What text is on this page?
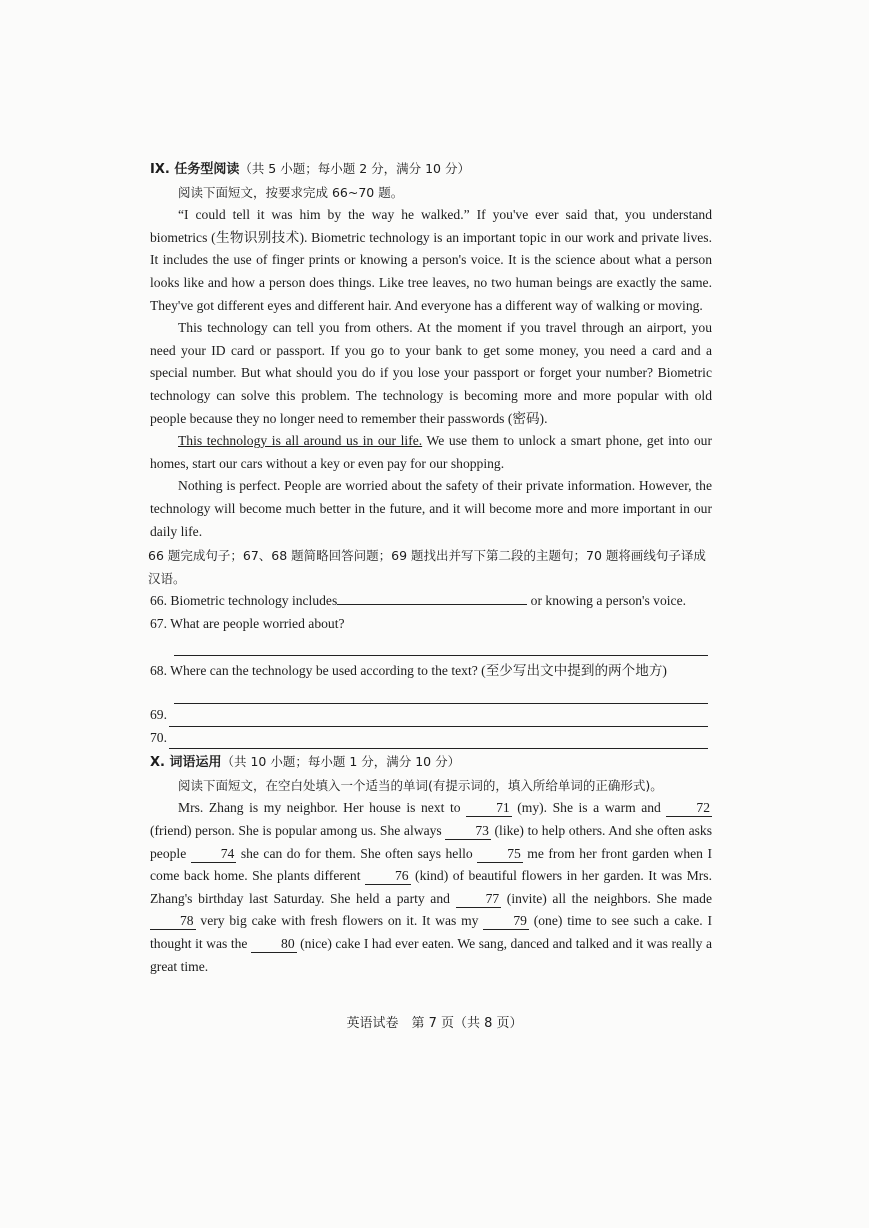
IX. 任务型阅读（共 5 小题；每小题 2 分，满分 10 分）
阅读下面短文，按要求完成 66~70 题。

“I could tell it was him by the way he walked.” If you've ever said that, you understand biometrics (生物识别技术). Biometric technology is an important topic in our work and private lives. It includes the use of finger prints or knowing a person's voice. It is the science about what a person looks like and how a person does things. Like tree leaves, no two human beings are exactly the same. They've got different eyes and different hair. And everyone has a different way of walking or moving.

This technology can tell you from others. At the moment if you travel through an airport, you need your ID card or passport. If you go to your bank to get some money, you need a card and a special number. But what should you do if you lose your passport or forget your number? Biometric technology can solve this problem. The technology is becoming more and more popular with old people because they no longer need to remember their passwords (密码).

This technology is all around us in our life. We use them to unlock a smart phone, get into our homes, start our cars without a key or even pay for our shopping.

Nothing is perfect. People are worried about the safety of their private information. However, the technology will become much better in the future, and it will become more and more important in our daily life.

66 题完成句子；67、68 题简略回答问题；69 题找出并写下第二段的主题句；70 题将画线句子译成汉语。
66. Biometric technology includes	or knowing a person's voice.
67. What are people worried about?
68. Where can the technology be used according to the text? (至少写出文中提到的两个地方)
69.
70.
X. 词语运用（共 10 小题；每小题 1 分，满分 10 分）
阅读下面短文，在空白处填入一个适当的单词(有提示词的，填入所给单词的正确形式)。

Mrs. Zhang is my neighbor. Her house is next to 71 (my). She is a warm and 72 (friend) person. She is popular among us. She always 73 (like) to help others. And she often asks people 74 she can do for them. She often says hello 75 me from her front garden when I come back home. She plants different 76 (kind) of beautiful flowers in her garden. It was Mrs. Zhang's birthday last Saturday. She held a party and 77 (invite) all the neighbors. She made 78 very big cake with fresh flowers on it. It was my 79 (one) time to see such a cake. I thought it was the 80 (nice) cake I had ever eaten. We sang, danced and talked and it was really a great time.

英语试卷　第 7 页（共 8 页）
